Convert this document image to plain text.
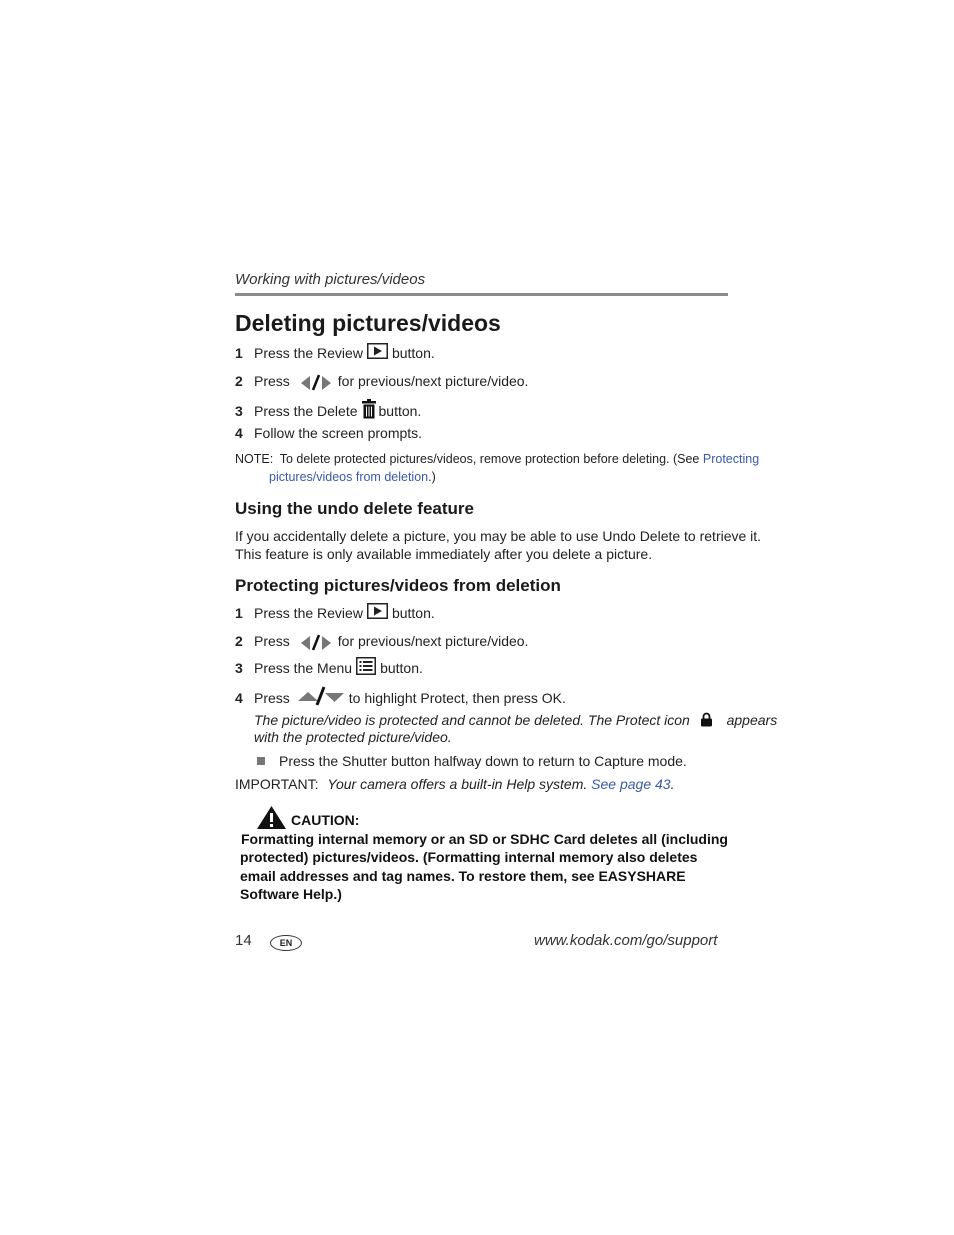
Working with pictures/videos
Deleting pictures/videos
1 Press the Review button.
2 Press	for previous/next picture/video.
3 Press the Delete button.
4 Follow the screen prompts.
NOTE: To delete protected pictures/videos, remove protection before deleting. (See Protecting
pictures/videos from deletion.)
Using the undo delete feature
If you accidentally delete a picture, you may be able to use Undo Delete to retrieve it.
This feature is only available immediately after you delete a picture.
Protecting pictures/videos from deletion
1 Press the Review button.
2 Press	for previous/next picture/video.
3 Press the Menu button.
4 Press	to highlight Protect, then press OK.
The picture/video is protected and cannot be deleted. The Protect icon	appears
with the protected picture/video.
Press the Shutter button halfway down to return to Capture mode.
IMPORTANT: Your camera offers a built-in Help system. See page 43.
CAUTION:
Formatting internal memory or an SD or SDHC Card deletes all (including
protected) pictures/videos. (Formatting internal memory also deletes
email addresses and tag names. To restore them, see EASYSHARE
Software Help.)
14	EN	www.kodak.com/go/support
